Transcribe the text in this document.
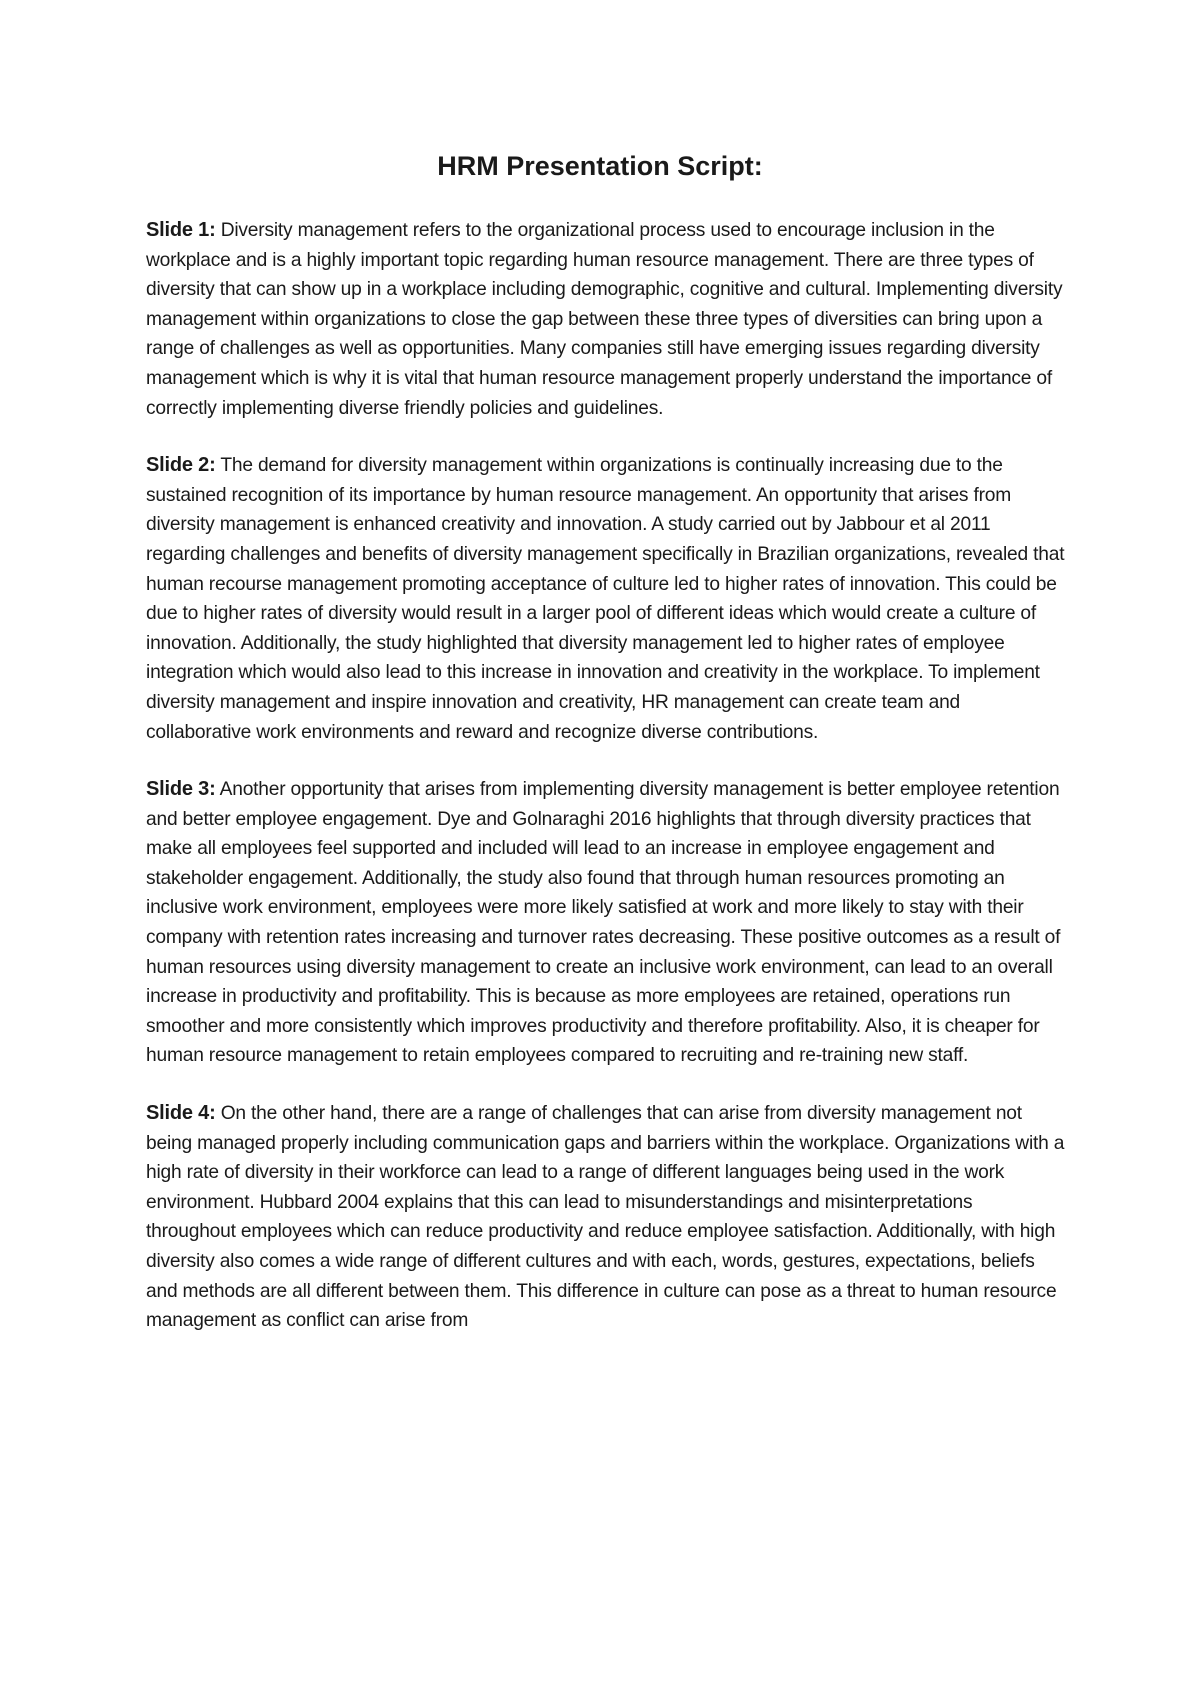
HRM Presentation Script:

Slide 1: Diversity management refers to the organizational process used to encourage inclusion in the workplace and is a highly important topic regarding human resource management. There are three types of diversity that can show up in a workplace including demographic, cognitive and cultural. Implementing diversity management within organizations to close the gap between these three types of diversities can bring upon a range of challenges as well as opportunities. Many companies still have emerging issues regarding diversity management which is why it is vital that human resource management properly understand the importance of correctly implementing diverse friendly policies and guidelines.

Slide 2: The demand for diversity management within organizations is continually increasing due to the sustained recognition of its importance by human resource management. An opportunity that arises from diversity management is enhanced creativity and innovation. A study carried out by Jabbour et al 2011 regarding challenges and benefits of diversity management specifically in Brazilian organizations, revealed that human recourse management promoting acceptance of culture led to higher rates of innovation. This could be due to higher rates of diversity would result in a larger pool of different ideas which would create a culture of innovation. Additionally, the study highlighted that diversity management led to higher rates of employee integration which would also lead to this increase in innovation and creativity in the workplace. To implement diversity management and inspire innovation and creativity, HR management can create team and collaborative work environments and reward and recognize diverse contributions.

Slide 3: Another opportunity that arises from implementing diversity management is better employee retention and better employee engagement. Dye and Golnaraghi 2016 highlights that through diversity practices that make all employees feel supported and included will lead to an increase in employee engagement and stakeholder engagement. Additionally, the study also found that through human resources promoting an inclusive work environment, employees were more likely satisfied at work and more likely to stay with their company with retention rates increasing and turnover rates decreasing. These positive outcomes as a result of human resources using diversity management to create an inclusive work environment, can lead to an overall increase in productivity and profitability. This is because as more employees are retained, operations run smoother and more consistently which improves productivity and therefore profitability. Also, it is cheaper for human resource management to retain employees compared to recruiting and re-training new staff.

Slide 4: On the other hand, there are a range of challenges that can arise from diversity management not being managed properly including communication gaps and barriers within the workplace. Organizations with a high rate of diversity in their workforce can lead to a range of different languages being used in the work environment. Hubbard 2004 explains that this can lead to misunderstandings and misinterpretations throughout employees which can reduce productivity and reduce employee satisfaction. Additionally, with high diversity also comes a wide range of different cultures and with each, words, gestures, expectations, beliefs and methods are all different between them. This difference in culture can pose as a threat to human resource management as conflict can arise from
